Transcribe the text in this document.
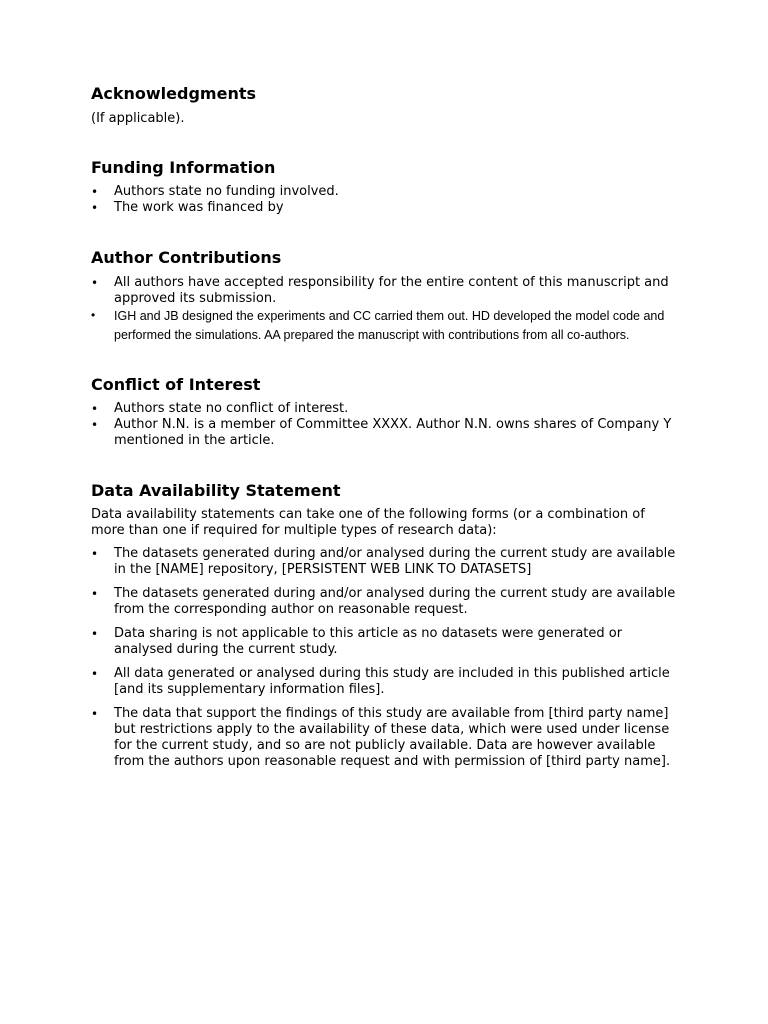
Acknowledgments

(If applicable).

Funding Information
• Authors state no funding involved.
• The work was financed by
Author Contributions
• All authors have accepted responsibility for the entire content of this manuscript and approved its submission.
• IGH and JB designed the experiments and CC carried them out. HD developed the model code and performed the simulations. AA prepared the manuscript with contributions from all co-authors.
Conflict of Interest
• Authors state no conflict of interest.
• Author N.N. is a member of Committee XXXX. Author N.N. owns shares of Company Y mentioned in the article.
Data Availability Statement

Data availability statements can take one of the following forms (or a combination of more than one if required for multiple types of research data):

• The datasets generated during and/or analysed during the current study are available in the [NAME] repository, [PERSISTENT WEB LINK TO DATASETS]
• The datasets generated during and/or analysed during the current study are available from the corresponding author on reasonable request.
• Data sharing is not applicable to this article as no datasets were generated or analysed during the current study.
• All data generated or analysed during this study are included in this published article [and its supplementary information files].
• The data that support the findings of this study are available from [third party name] but restrictions apply to the availability of these data, which were used under license for the current study, and so are not publicly available. Data are however available from the authors upon reasonable request and with permission of [third party name].
